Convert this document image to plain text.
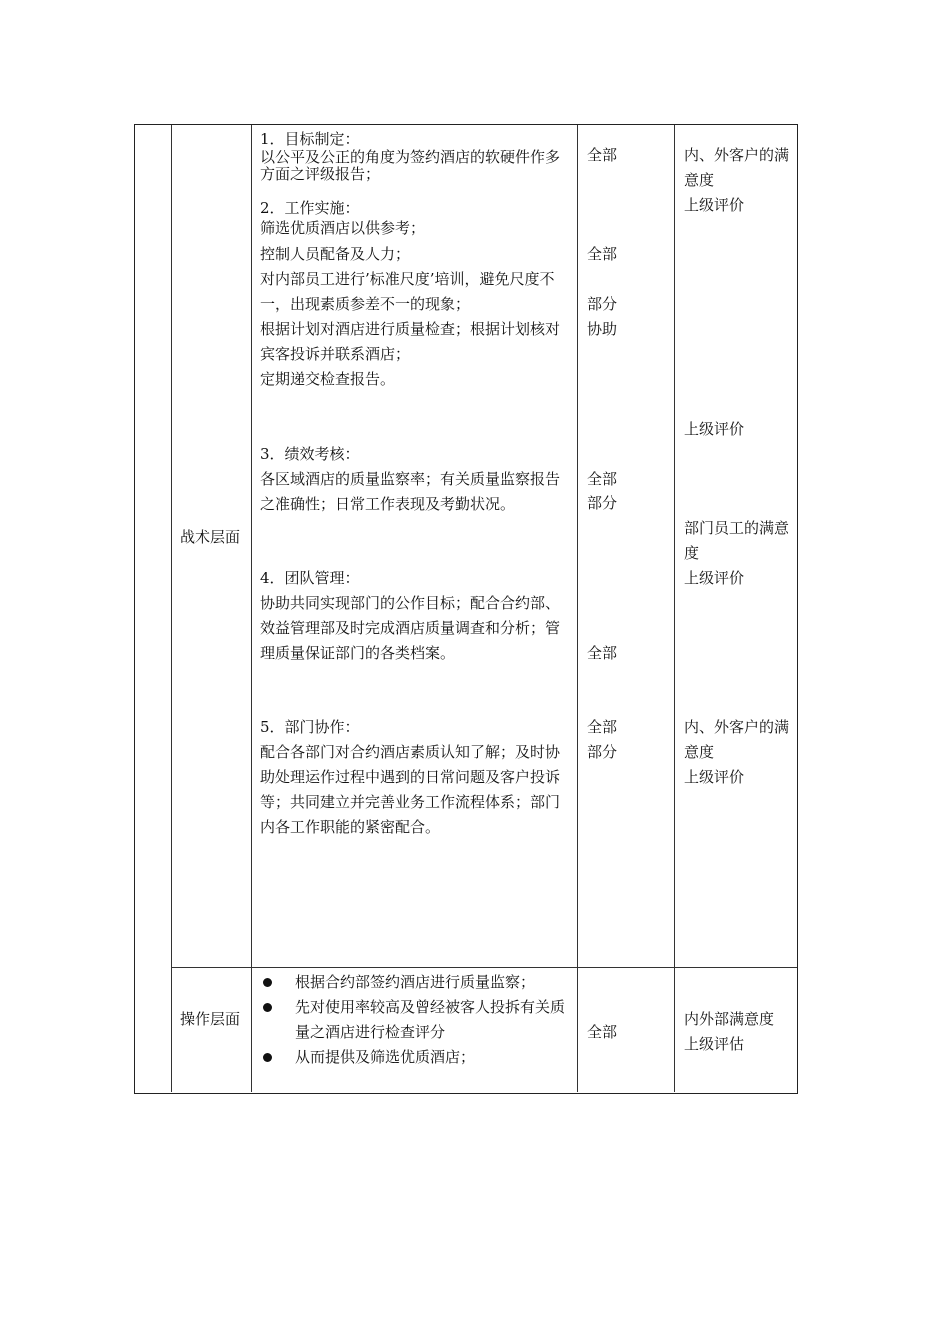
战术层面
1．目标制定：
以公平及公正的角度为签约酒店的软硬件作多方面之评级报告；
2．工作实施：
筛选优质酒店以供参考；
控制人员配备及人力；
对内部员工进行’标准尺度’培训，避免尺度不一，出现素质参差不一的现象；
根据计划对酒店进行质量检查；根据计划核对宾客投诉并联系酒店；
定期递交检查报告。
3．绩效考核：
各区域酒店的质量监察率；有关质量监察报告之准确性；日常工作表现及考勤状况。
4．团队管理：
协助共同实现部门的公作目标；配合合约部、效益管理部及时完成酒店质量调查和分析；管理质量保证部门的各类档案。
5．部门协作：
配合各部门对合约酒店素质认知了解；及时协助处理运作过程中遇到的日常问题及客户投诉等；共同建立并完善业务工作流程体系；部门内各工作职能的紧密配合。
全部
全部
部分
协助
全部
部分
全部
全部
部分
内、外客户的满意度
上级评价
上级评价
部门员工的满意度
上级评价
内、外客户的满意度
上级评价
操作层面
根据合约部签约酒店进行质量监察；
先对使用率较高及曾经被客人投拆有关质量之酒店进行检查评分
从而提供及筛选优质酒店；
全部
内外部满意度
上级评估
